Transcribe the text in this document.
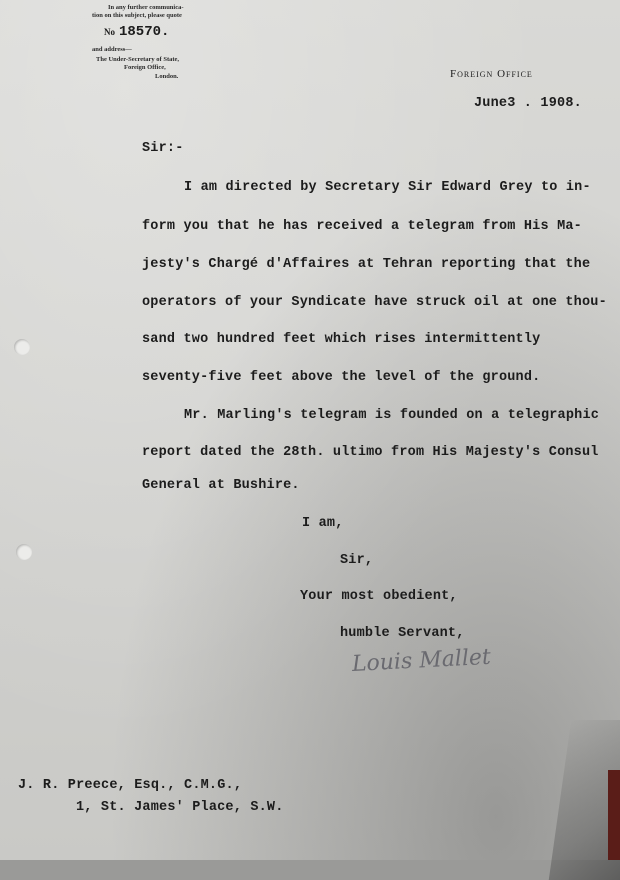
In any further communica-
tion on this subject, please quote
No 18570.
and address—
The Under-Secretary of State,
Foreign Office,
London.	Foreign Office
June3 . 1908.
Sir:-
I am directed by Secretary Sir Edward Grey to in-
form you that he has received a telegram from His Ma-
jesty's Chargé d'Affaires at Tehran reporting that the
operators of your Syndicate have struck oil at one thou-
sand two hundred feet which rises intermittently
seventy-five feet above the level of the ground.
Mr. Marling's telegram is founded on a telegraphic
report dated the 28th. ultimo from His Majesty's Consul
General at Bushire.
I am,
Sir,
Your most obedient,
humble Servant,
Louis Mallet
J. R. Preece, Esq., C.M.G.,
1, St. James' Place, S.W.
